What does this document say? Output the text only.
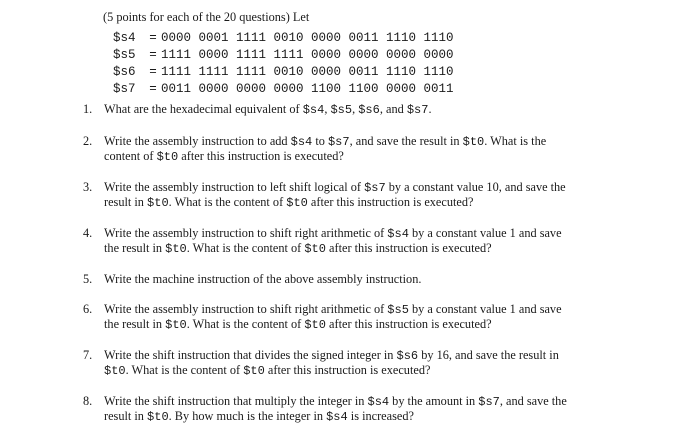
(5 points for each of the 20 questions) Let
$s4 = 0000 0001 1111 0010 0000 0011 1110 1110
$s5 = 1111 0000 1111 1111 0000 0000 0000 0000
$s6 = 1111 1111 1111 0010 0000 0011 1110 1110
$s7 = 0011 0000 0000 0000 1100 1100 0000 0011
1. What are the hexadecimal equivalent of $s4, $s5, $s6, and $s7.
2. Write the assembly instruction to add $s4 to $s7, and save the result in $t0. What is the
content of $t0 after this instruction is executed?
3. Write the assembly instruction to left shift logical of $s7 by a constant value 10, and save the
result in $t0. What is the content of $t0 after this instruction is executed?
4. Write the assembly instruction to shift right arithmetic of $s4 by a constant value 1 and save
the result in $t0. What is the content of $t0 after this instruction is executed?
5. Write the machine instruction of the above assembly instruction.
6. Write the assembly instruction to shift right arithmetic of $s5 by a constant value 1 and save
the result in $t0. What is the content of $t0 after this instruction is executed?
7. Write the shift instruction that divides the signed integer in $s6 by 16, and save the result in
$t0. What is the content of $t0 after this instruction is executed?
8. Write the shift instruction that multiply the integer in $s4 by the amount in $s7, and save the
result in $t0. By how much is the integer in $s4 is increased?
